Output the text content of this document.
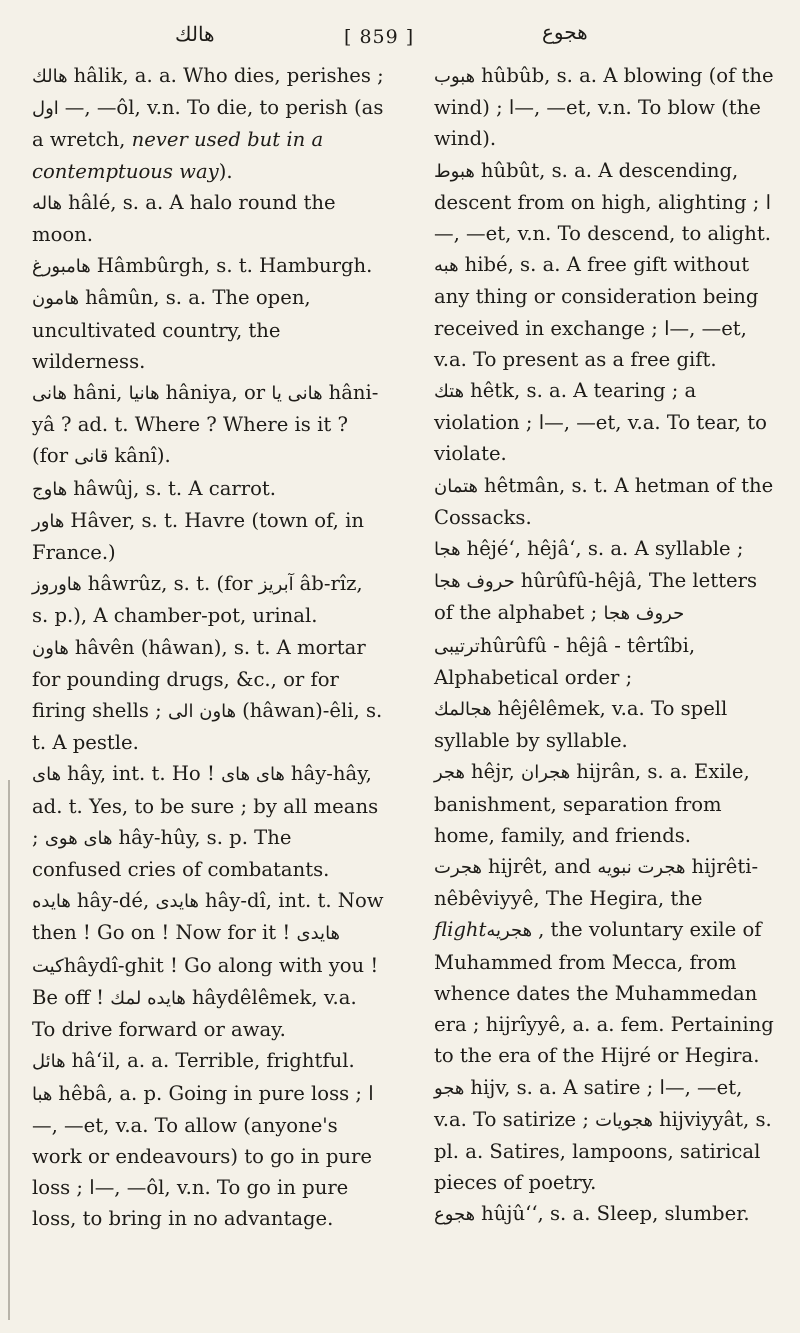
هالك	[ 859 ]	هجوع

هالك hâlik, a. a. Who dies, perishes ; اول —, —ôl, v.n. To die, to perish (as a wretch, never used but in a contemptuous way).

هاله hâlé, s. a. A halo round the moon.

هامبورغ Hâmbûrgh, s. t. Hamburgh.

هامون hâmûn, s. a. The open, uncultivated country, the wilderness.

هانى hâni, هانيا hâniya, or هانى يا hâni-yâ ? ad. t. Where ? Where is it ? (for قانى kânî).

هاوج hâwûj, s. t. A carrot.

هاور Hâver, s. t. Havre (town of, in France.)

هاوروز hâwrûz, s. t. (for آبريز âb-rîz, s. p.), A chamber-pot, urinal.

هاون hâvên (hâwan), s. t. A mortar for pounding drugs, &c., or for firing shells ; هاون الى (hâwan)-êli, s. t. A pestle.

هاى hây, int. t. Ho ! هاى هاى hây-hây, ad. t. Yes, to be sure ; by all means ; هاى هوى hây-hûy, s. p. The confused cries of combatants.

هايده hây-dé, هايدى hây-dî, int. t. Now then ! Go on ! Now for it ! هايدى كيتhâydî-ghit ! Go along with you ! Be off ! هايده لمك hâydêlêmek, v.a. To drive forward or away.

هائل hâ‘il, a. a. Terrible, frightful.

هبا hêbâ, a. p. Going in pure loss ; ا—, —et, v.a. To allow (anyone's work or endeavours) to go in pure loss ; ا—, —ôl, v.n. To go in pure loss, to bring in no advantage.

هبوب hûbûb, s. a. A blowing (of the wind) ; ا—, —et, v.n. To blow (the wind).

هبوط hûbût, s. a. A descending, descent from on high, alighting ; ا—, —et, v.n. To descend, to alight.

هبه hibé, s. a. A free gift without any thing or consideration being received in exchange ; ا—, —et, v.a. To present as a free gift.

هتك hêtk, s. a. A tearing ; a violation ; ا—, —et, v.a. To tear, to violate.

هتمان hêtmân, s. t. A hetman of the Cossacks.

هجا hêjé‘, hêjâ‘, s. a. A syllable ; حروف هجا hûrûfû-hêjâ, The letters of the alphabet ; حروف هجا ترتيبىhûrûfû - hêjâ - têrtîbi, Alphabetical order ; هجالمك hêjêlêmek, v.a. To spell syllable by syllable.

هجر hêjr, هجران hijrân, s. a. Exile, banishment, separation from home, family, and friends.

هجرت hijrêt, and هجرت نبويه hijrêti-nêbêviyyê, The Hegira, the flightهجريه , the voluntary exile of Muhammed from Mecca, from whence dates the Muhammedan era ; hijrîyyê, a. a. fem. Pertaining to the era of the Hijré or Hegira.

هجو hijv, s. a. A satire ; ا—, —et, v.a. To satirize ; هجويات hijviyyât, s. pl. a. Satires, lampoons, satirical pieces of poetry.

هجوع hûjû‘‘, s. a. Sleep, slumber.
